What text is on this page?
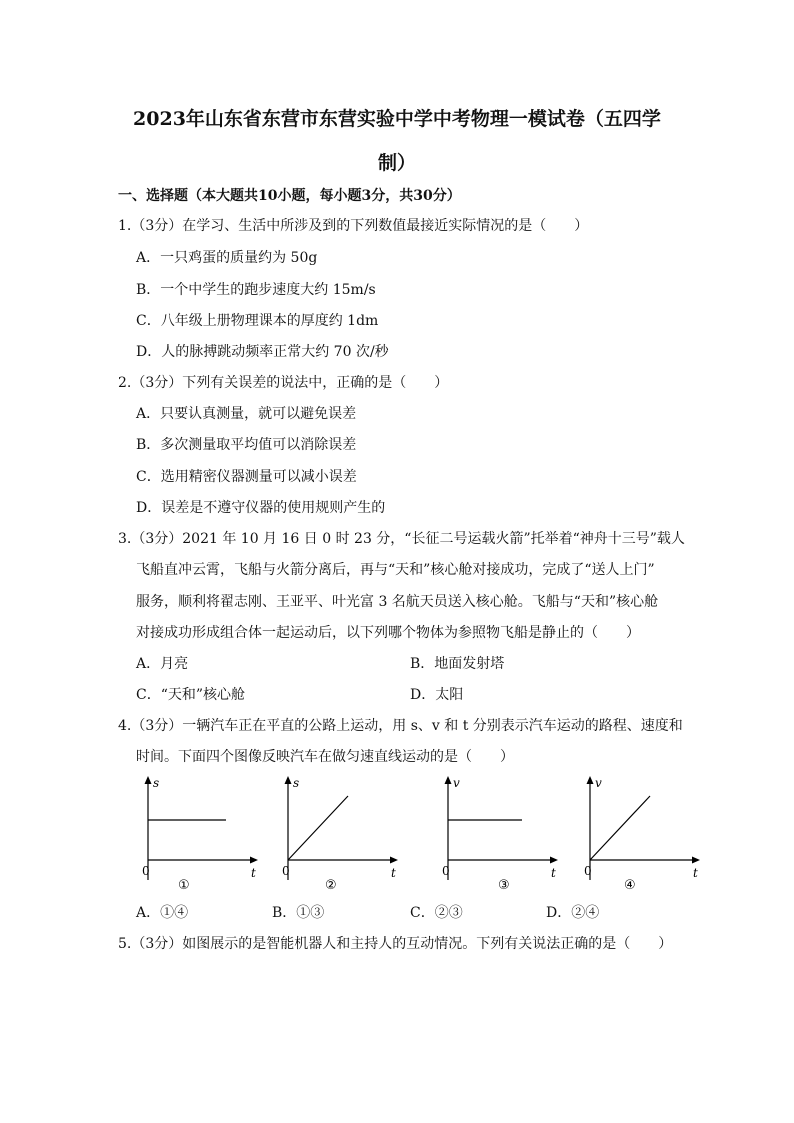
2023年山东省东营市东营实验中学中考物理一模试卷（五四学
制）
一、选择题（本大题共10小题，每小题3分，共30分）
1.（3分）在学习、生活中所涉及到的下列数值最接近实际情况的是（　　）
A．一只鸡蛋的质量约为 50g
B．一个中学生的跑步速度大约 15m/s
C．八年级上册物理课本的厚度约 1dm
D．人的脉搏跳动频率正常大约 70 次/秒
2.（3分）下列有关误差的说法中，正确的是（　　）
A．只要认真测量，就可以避免误差
B．多次测量取平均值可以消除误差
C．选用精密仪器测量可以减小误差
D．误差是不遵守仪器的使用规则产生的
3.（3分）2021 年 10 月 16 日 0 时 23 分，“长征二号运载火箭”托举着“神舟十三号”载人
飞船直冲云霄，飞船与火箭分离后，再与“天和”核心舱对接成功，完成了“送人上门”
服务，顺利将翟志刚、王亚平、叶光富 3 名航天员送入核心舱。飞船与“天和”核心舱
对接成功形成组合体一起运动后，以下列哪个物体为参照物飞船是静止的（　　）
A．月亮	B．地面发射塔
C．“天和”核心舱	D．太阳
4.（3分）一辆汽车正在平直的公路上运动，用 s、v 和 t 分别表示汽车运动的路程、速度和
时间。下面四个图像反映汽车在做匀速直线运动的是（　　）
s
t
0
①
s
t
0
②
v
t
0
③
v
t
0
④
A．①④	B．①③	C．②③	D．②④
5.（3分）如图展示的是智能机器人和主持人的互动情况。下列有关说法正确的是（　　）
